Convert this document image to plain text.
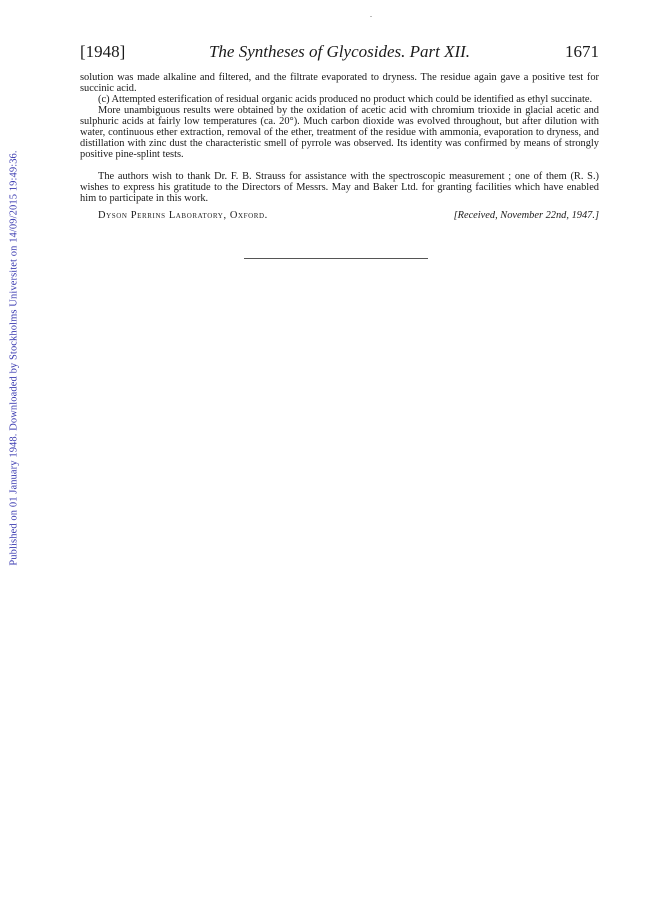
Published on 01 January 1948. Downloaded by Stockholms Universitet on 14/09/2015 19:49:36.
[1948]	The Syntheses of Glycosides. Part XII.	1671

solution was made alkaline and filtered, and the filtrate evaporated to dryness. The residue again gave a positive test for succinic acid.

(c) Attempted esterification of residual organic acids produced no product which could be identified as ethyl succinate.

More unambiguous results were obtained by the oxidation of acetic acid with chromium trioxide in glacial acetic and sulphuric acids at fairly low temperatures (ca. 20°). Much carbon dioxide was evolved throughout, but after dilution with water, continuous ether extraction, removal of the ether, treatment of the residue with ammonia, evaporation to dryness, and distillation with zinc dust the characteristic smell of pyrrole was observed. Its identity was confirmed by means of strongly positive pine-splint tests.

The authors wish to thank Dr. F. B. Strauss for assistance with the spectroscopic measurement ; one of them (R. S.) wishes to express his gratitude to the Directors of Messrs. May and Baker Ltd. for granting facilities which have enabled him to participate in this work.

Dyson Perrins Laboratory, Oxford.	[Received, November 22nd, 1947.]
